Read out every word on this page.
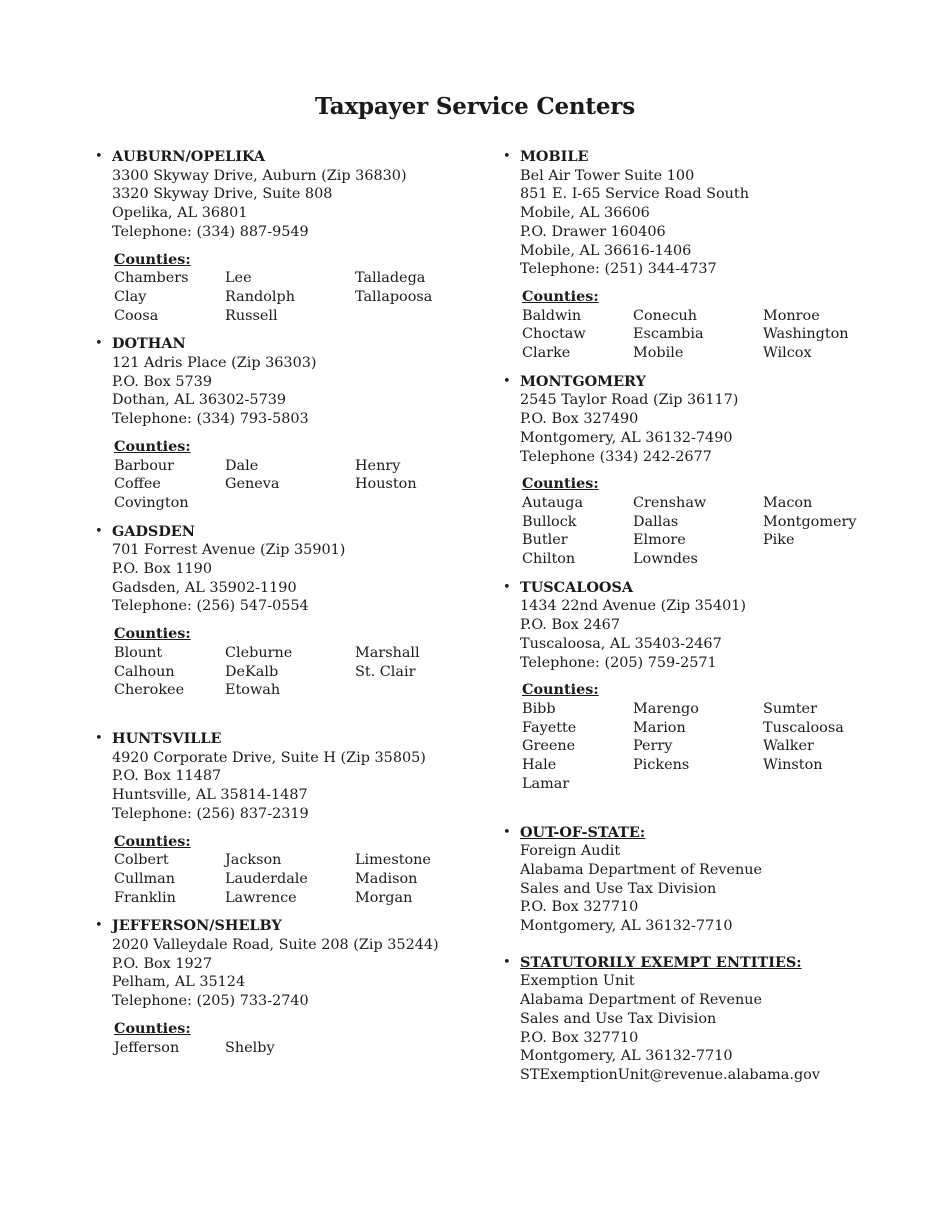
Taxpayer Service Centers
• AUBURN/OPELIKA
3300 Skyway Drive, Auburn (Zip 36830)
3320 Skyway Drive, Suite 808
Opelika, AL 36801
Telephone: (334) 887-9549
Counties:
Chambers	Lee	Talladega
Clay	Randolph	Tallapoosa
Coosa	Russell
• DOTHAN
121 Adris Place (Zip 36303)
P.O. Box 5739
Dothan, AL 36302-5739
Telephone: (334) 793-5803
Counties:
Barbour	Dale	Henry
Coffee	Geneva	Houston
Covington
• GADSDEN
701 Forrest Avenue (Zip 35901)
P.O. Box 1190
Gadsden, AL 35902-1190
Telephone: (256) 547-0554
Counties:
Blount	Cleburne	Marshall
Calhoun	DeKalb	St. Clair
Cherokee	Etowah
• HUNTSVILLE
4920 Corporate Drive, Suite H (Zip 35805)
P.O. Box 11487
Huntsville, AL 35814-1487
Telephone: (256) 837-2319
Counties:
Colbert	Jackson	Limestone
Cullman	Lauderdale	Madison
Franklin	Lawrence	Morgan
• JEFFERSON/SHELBY
2020 Valleydale Road, Suite 208 (Zip 35244)
P.O. Box 1927
Pelham, AL 35124
Telephone: (205) 733-2740
Counties:
Jefferson	Shelby
• MOBILE
Bel Air Tower Suite 100
851 E. I-65 Service Road South
Mobile, AL 36606
P.O. Drawer 160406
Mobile, AL 36616-1406
Telephone: (251) 344-4737
Counties:
Baldwin	Conecuh	Monroe
Choctaw	Escambia	Washington
Clarke	Mobile	Wilcox
• MONTGOMERY
2545 Taylor Road (Zip 36117)
P.O. Box 327490
Montgomery, AL 36132-7490
Telephone (334) 242-2677
Counties:
Autauga	Crenshaw	Macon
Bullock	Dallas	Montgomery
Butler	Elmore	Pike
Chilton	Lowndes
• TUSCALOOSA
1434 22nd Avenue (Zip 35401)
P.O. Box 2467
Tuscaloosa, AL 35403-2467
Telephone: (205) 759-2571
Counties:
Bibb	Marengo	Sumter
Fayette	Marion	Tuscaloosa
Greene	Perry	Walker
Hale	Pickens	Winston
Lamar
• OUT-OF-STATE:
Foreign Audit
Alabama Department of Revenue
Sales and Use Tax Division
P.O. Box 327710
Montgomery, AL 36132-7710
• STATUTORILY EXEMPT ENTITIES:
Exemption Unit
Alabama Department of Revenue
Sales and Use Tax Division
P.O. Box 327710
Montgomery, AL 36132-7710
STExemptionUnit@revenue.alabama.gov
